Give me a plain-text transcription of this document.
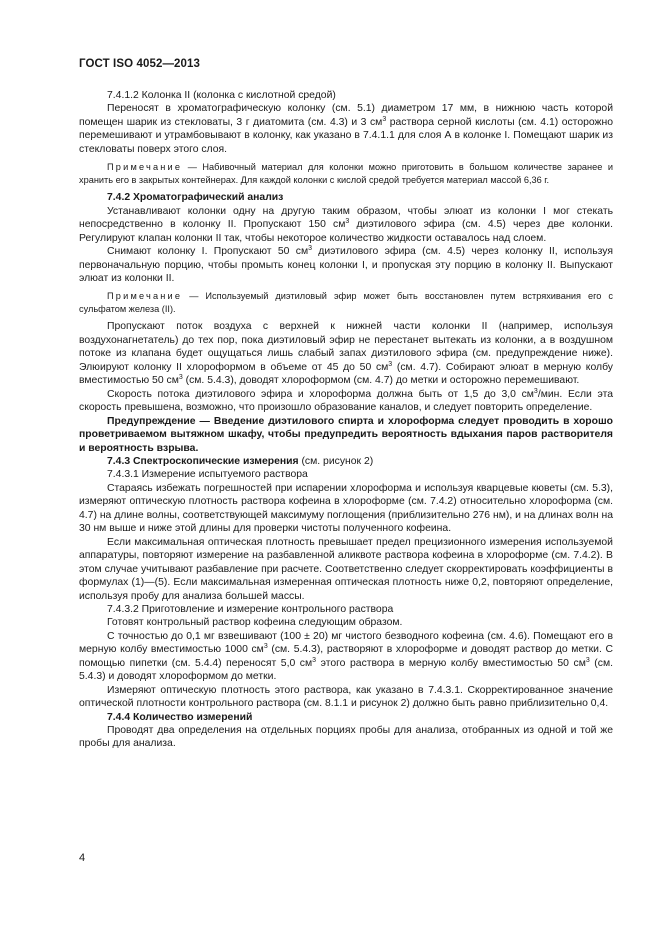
ГОСТ ISO 4052—2013

7.4.1.2 Колонка II (колонка с кислотной средой)

Переносят в хроматографическую колонку (см. 5.1) диаметром 17 мм, в нижнюю часть которой помещен шарик из стекловаты, 3 г диатомита (см. 4.3) и 3 $см^3$ раствора серной кислоты (см. 4.1) осторожно перемешивают и утрамбовывают в колонку, как указано в 7.4.1.1 для слоя А в колонке I. Помещают шарик из стекловаты поверх этого слоя.

Примечание — Набивочный материал для колонки можно приготовить в большом количестве заранее и хранить его в закрытых контейнерах. Для каждой колонки с кислой средой требуется материал массой 6,36 г.

7.4.2 Хроматографический анализ

Устанавливают колонки одну на другую таким образом, чтобы элюат из колонки I мог стекать непосредственно в колонку II. Пропускают 150 $см^3$ диэтилового эфира (см. 4.5) через две колонки. Регулируют клапан колонки II так, чтобы некоторое количество жидкости оставалось над слоем.

Снимают колонку I. Пропускают 50 $см^3$ диэтилового эфира (см. 4.5) через колонку II, используя первоначальную порцию, чтобы промыть конец колонки I, и пропуская эту порцию в колонку II. Выпускают элюат из колонки II.

Примечание — Используемый диэтиловый эфир может быть восстановлен путем встряхивания его с сульфатом железа (II).

Пропускают поток воздуха с верхней к нижней части колонки II (например, используя воздухонагнетатель) до тех пор, пока диэтиловый эфир не перестанет вытекать из колонки, а в воздушном потоке из клапана будет ощущаться лишь слабый запах диэтилового эфира (см. предупреждение ниже). Элюируют колонку II хлороформом в объеме от 45 до 50 $см^3$ (см. 4.7). Собирают элюат в мерную колбу вместимостью 50 $см^3$ (см. 5.4.3), доводят хлороформом (см. 4.7) до метки и осторожно перемешивают.

Скорость потока диэтилового эфира и хлороформа должна быть от 1,5 до 3,0 $см^3$/мин. Если эта скорость превышена, возможно, что произошло образование каналов, и следует повторить определение.

Предупреждение — Введение диэтилового спирта и хлороформа следует проводить в хорошо проветриваемом вытяжном шкафу, чтобы предупредить вероятность вдыхания паров растворителя и вероятность взрыва.

7.4.3 Спектроскопические измерения (см. рисунок 2)

7.4.3.1 Измерение испытуемого раствора

Стараясь избежать погрешностей при испарении хлороформа и используя кварцевые кюветы (см. 5.3), измеряют оптическую плотность раствора кофеина в хлороформе (см. 7.4.2) относительно хлороформа (см. 4.7) на длине волны, соответствующей максимуму поглощения (приблизительно 276 нм), и на длинах волн на 30 нм выше и ниже этой длины для проверки чистоты полученного кофеина.

Если максимальная оптическая плотность превышает предел прецизионного измерения используемой аппаратуры, повторяют измерение на разбавленной аликвоте раствора кофеина в хлороформе (см. 7.4.2). В этом случае учитывают разбавление при расчете. Соответственно следует скорректировать коэффициенты в формулах (1)—(5). Если максимальная измеренная оптическая плотность ниже 0,2, повторяют определение, используя пробу для анализа большей массы.

7.4.3.2 Приготовление и измерение контрольного раствора

Готовят контрольный раствор кофеина следующим образом.

С точностью до 0,1 мг взвешивают (100 ± 20) мг чистого безводного кофеина (см. 4.6). Помещают его в мерную колбу вместимостью 1000 $см^3$ (см. 5.4.3), растворяют в хлороформе и доводят раствор до метки. С помощью пипетки (см. 5.4.4) переносят 5,0 $см^3$ этого раствора в мерную колбу вместимостью 50 $см^3$ (см. 5.4.3) и доводят хлороформом до метки.

Измеряют оптическую плотность этого раствора, как указано в 7.4.3.1. Скорректированное значение оптической плотности контрольного раствора (см. 8.1.1 и рисунок 2) должно быть равно приблизительно 0,4.

7.4.4 Количество измерений

Проводят два определения на отдельных порциях пробы для анализа, отобранных из одной и той же пробы для анализа.

4
